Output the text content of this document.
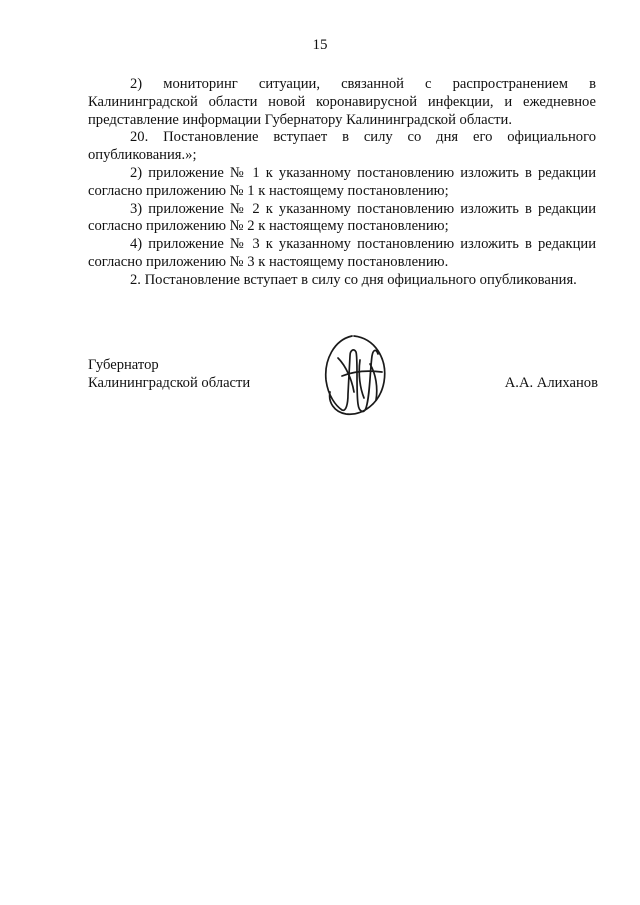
15

2) мониторинг ситуации, связанной с распространением в Калининградской области новой коронавирусной инфекции, и ежедневное представление информации Губернатору Калининградской области.

20. Постановление вступает в силу со дня его официального опубликования.»;

2) приложение № 1 к указанному постановлению изложить в редакции согласно приложению № 1 к настоящему постановлению;

3) приложение № 2 к указанному постановлению изложить в редакции согласно приложению № 2 к настоящему постановлению;

4) приложение № 3 к указанному постановлению изложить в редакции согласно приложению № 3 к настоящему постановлению.

2. Постановление вступает в силу со дня официального опубликования.

Губернатор
Калининградской области	А.А. Алиханов
